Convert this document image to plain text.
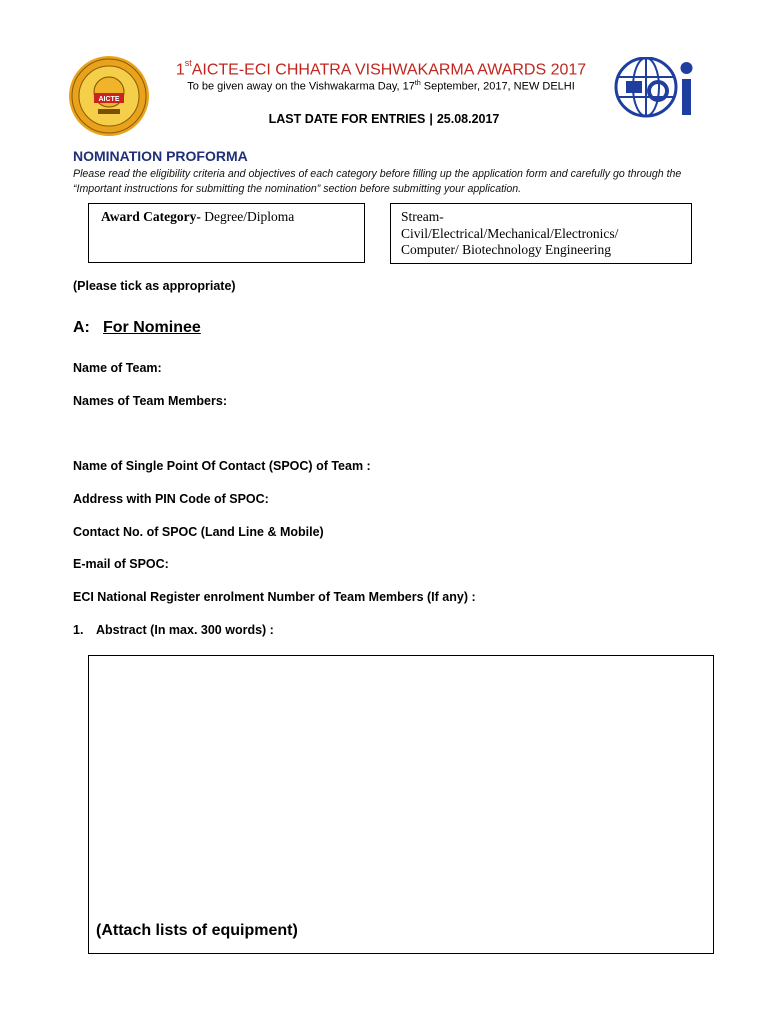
AICTE
1stAICTE-ECI CHHATRA VISHWAKARMA AWARDS 2017
To be given away on the Vishwakarma Day, 17th September, 2017, NEW DELHI
LAST DATE FOR ENTRIES | 25.08.2017
NOMINATION PROFORMA
Please read the eligibility criteria and objectives of each category before filling up the application form and carefully go through the “Important instructions for submitting the nomination” section before submitting your application.
Award Category- Degree/Diploma	Stream-
Civil/Electrical/Mechanical/Electronics/
Computer/ Biotechnology Engineering
(Please tick as appropriate)
A: For Nominee
Name of Team:
Names of Team Members:
Name of Single Point Of Contact (SPOC) of Team :
Address with PIN Code of SPOC:
Contact No. of SPOC (Land Line & Mobile)
E-mail of SPOC:
ECI National Register enrolment Number of Team Members (If any) :
1. Abstract (In max. 300 words) :
(Attach lists of equipment)
